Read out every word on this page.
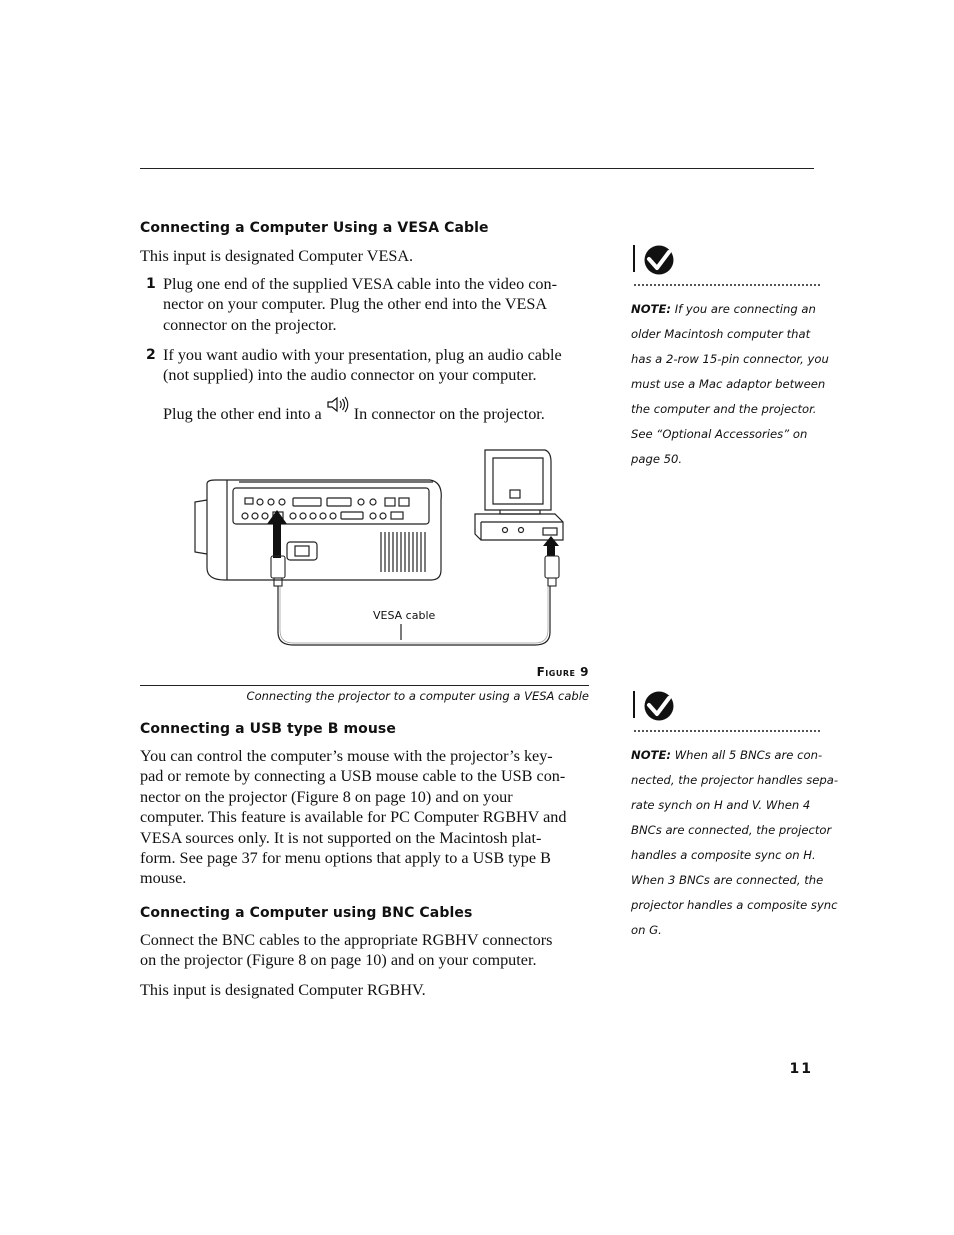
Connecting a Computer Using a VESA Cable
This input is designated Computer VESA.
1 Plug one end of the supplied VESA cable into the video con-
nector on your computer. Plug the other end into the VESA
connector on the projector.
2 If you want audio with your presentation, plug an audio cable
(not supplied) into the audio connector on your computer.
Plug the other end into a In connector on the projector.
VESA cable
Figure 9
Connecting the projector to a computer using a VESA cable
Connecting a USB type B mouse
You can control the computer’s mouse with the projector’s key-
pad or remote by connecting a USB mouse cable to the USB con-
nector on the projector (Figure 8 on page 10) and on your
computer. This feature is available for PC Computer RGBHV and
VESA sources only. It is not supported on the Macintosh plat-
form. See page 37 for menu options that apply to a USB type B
mouse.
Connecting a Computer using BNC Cables
Connect the BNC cables to the appropriate RGBHV connectors
on the projector (Figure 8 on page 10) and on your computer.
This input is designated Computer RGBHV.
NOTE: If you are connecting an
older Macintosh computer that
has a 2-row 15-pin connector, you
must use a Mac adaptor between
the computer and the projector.
See “Optional Accessories” on
page 50.
NOTE: When all 5 BNCs are con-
nected, the projector handles sepa-
rate synch on H and V. When 4
BNCs are connected, the projector
handles a composite sync on H.
When 3 BNCs are connected, the
projector handles a composite sync
on G.
11
